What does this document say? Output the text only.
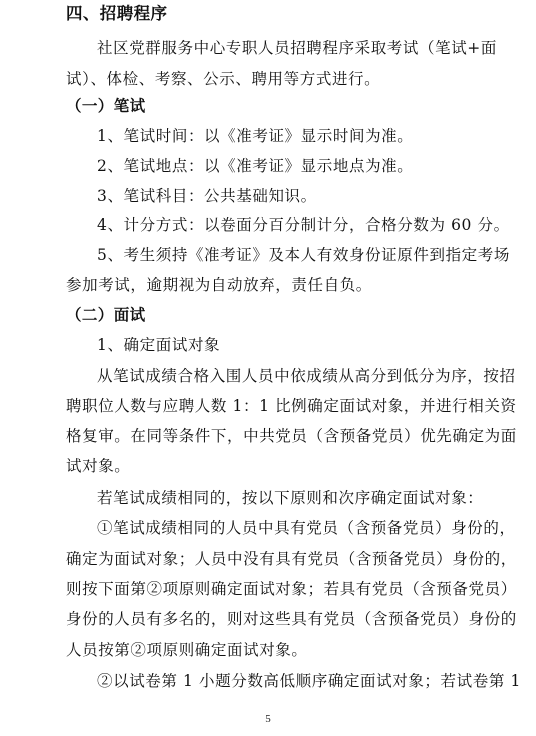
四、招聘程序
社区党群服务中心专职人员招聘程序采取考试（笔试+面
试）、体检、考察、公示、聘用等方式进行。
（一）笔试
1、笔试时间：以《准考证》显示时间为准。
2、笔试地点：以《准考证》显示地点为准。
3、笔试科目：公共基础知识。
4、计分方式：以卷面分百分制计分，合格分数为 60 分。
5、考生须持《准考证》及本人有效身份证原件到指定考场
参加考试，逾期视为自动放弃，责任自负。
（二）面试
1、确定面试对象
从笔试成绩合格入围人员中依成绩从高分到低分为序，按招
聘职位人数与应聘人数 1：1 比例确定面试对象，并进行相关资
格复审。在同等条件下，中共党员（含预备党员）优先确定为面
试对象。
若笔试成绩相同的，按以下原则和次序确定面试对象：
①笔试成绩相同的人员中具有党员（含预备党员）身份的，
确定为面试对象；人员中没有具有党员（含预备党员）身份的，
则按下面第②项原则确定面试对象；若具有党员（含预备党员）
身份的人员有多名的，则对这些具有党员（含预备党员）身份的
人员按第②项原则确定面试对象。
②以试卷第 1 小题分数高低顺序确定面试对象；若试卷第 1
5
